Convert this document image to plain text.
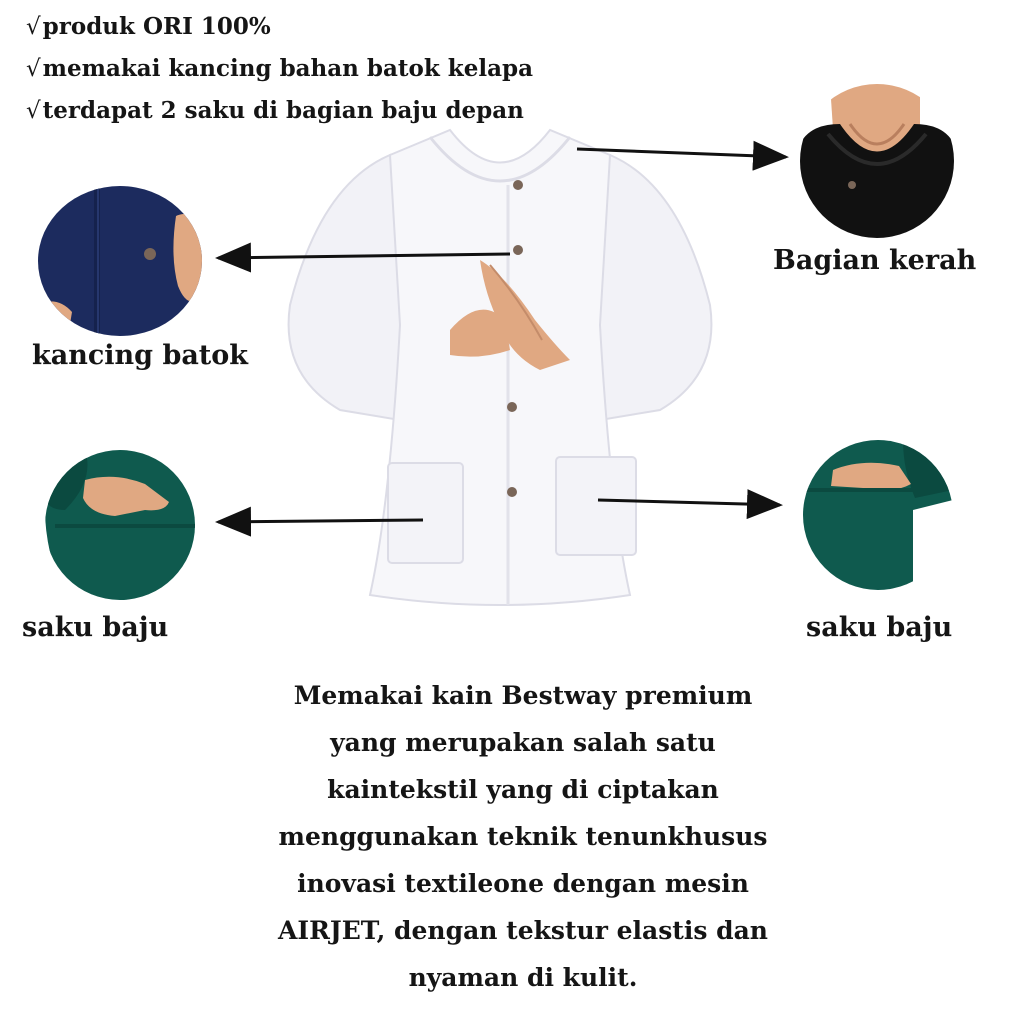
√produk ORI 100%
√memakai kancing bahan batok kelapa
√terdapat 2 saku di bagian baju depan
Bagian kerah
kancing batok
saku baju	saku baju

Memakai kain Bestway premium
yang merupakan salah satu
kaintekstil yang di ciptakan
menggunakan teknik tenunkhusus
inovasi textileone dengan mesin
AIRJET, dengan tekstur elastis dan
nyaman di kulit.
